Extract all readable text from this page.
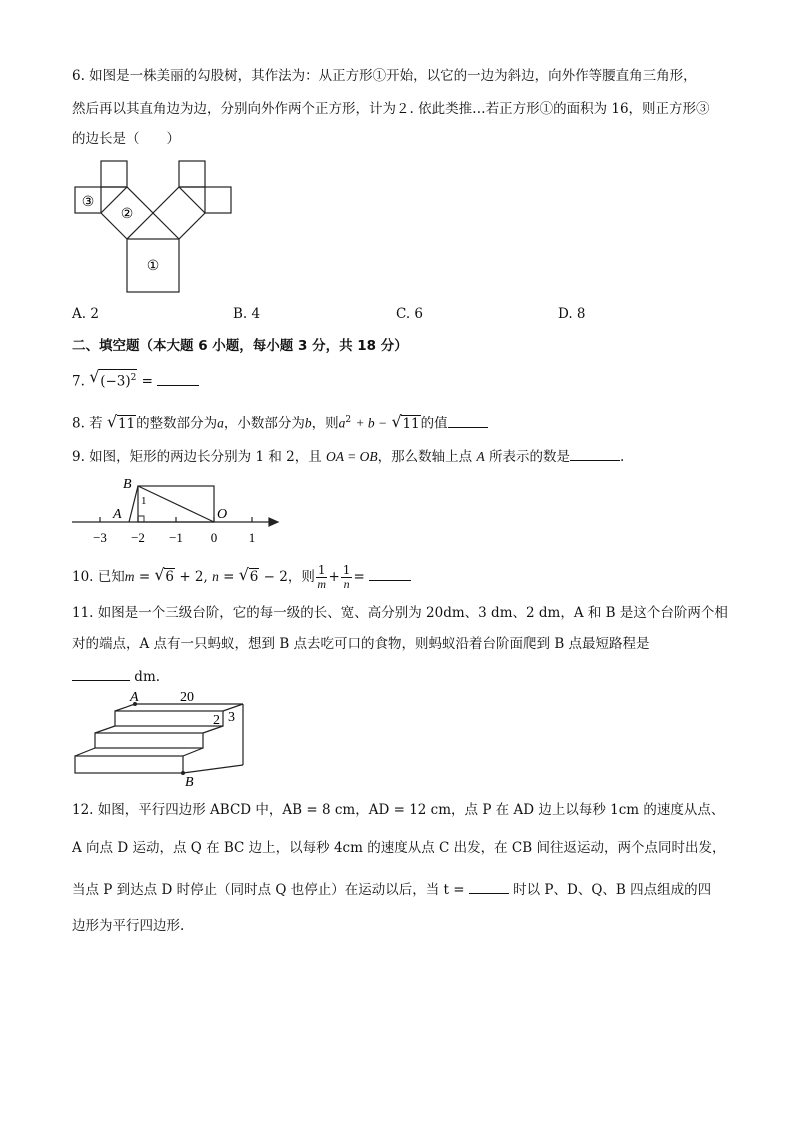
6. 如图是一株美丽的勾股树，其作法为：从正方形①开始，以它的一边为斜边，向外作等腰直角三角形，
然后再以其直角边为边，分别向外作两个正方形，计为２. 依此类推…若正方形①的面积为 16，则正方形③
的边长是（　　）
③
②
①
A. 2	B. 4	C. 6	D. 8
二、填空题（本大题 6 小题，每小题 3 分，共 18 分）
7. √ $(-3)^2$ =
8. 若 √ 11的整数部分为a，小数部分为b，则$a^2 + b$ − √ 11的值
9. 如图，矩形的两边长分别为 1 和 2，且 OA = OB，那么数轴上点 A 所表示的数是	.
B
A	O
1
−3 −2 −1 0 1
10. 已知m = √ 6 + 2, n = √ 6 − 2，则 $\frac{1}{m} + \frac{1}{n}$ =
11. 如图是一个三级台阶，它的每一级的长、宽、高分别为 20dm、3 dm、2 dm，A 和 B 是这个台阶两个相
对的端点，A 点有一只蚂蚁，想到 B 点去吃可口的食物，则蚂蚁沿着台阶面爬到 B 点最短路程是
dm.
A
B
20
2 3
12. 如图，平行四边形 ABCD 中，AB = 8 cm，AD = 12 cm，点 P 在 AD 边上以每秒 1cm 的速度从点、
A 向点 D 运动，点 Q 在 BC 边上，以每秒 4cm 的速度从点 C 出发，在 CB 间往返运动，两个点同时出发，
当点 P 到达点 D 时停止（同时点 Q 也停止）在运动以后，当 t =	时以 P、D、Q、B 四点组成的四
边形为平行四边形.
